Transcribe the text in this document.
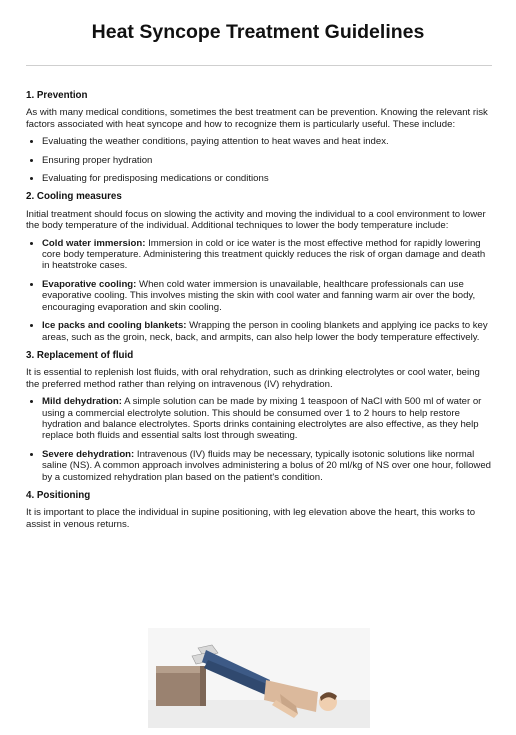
Heat Syncope Treatment Guidelines
1. Prevention

As with many medical conditions, sometimes the best treatment can be prevention. Knowing the relevant risk factors associated with heat syncope and how to recognize them is particularly useful. These include:

• Evaluating the weather conditions, paying attention to heat waves and heat index.
• Ensuring proper hydration
• Evaluating for predisposing medications or conditions
2. Cooling measures

Initial treatment should focus on slowing the activity and moving the individual to a cool environment to lower the body temperature of the individual. Additional techniques to lower the body temperature include:

• Cold water immersion: Immersion in cold or ice water is the most effective method for rapidly lowering core body temperature. Administering this treatment quickly reduces the risk of organ damage and death in heatstroke cases.
• Evaporative cooling: When cold water immersion is unavailable, healthcare professionals can use evaporative cooling. This involves misting the skin with cool water and fanning warm air over the body, encouraging evaporation and skin cooling.
• Ice packs and cooling blankets: Wrapping the person in cooling blankets and applying ice packs to key areas, such as the groin, neck, back, and armpits, can also help lower the body temperature effectively.
3. Replacement of fluid

It is essential to replenish lost fluids, with oral rehydration, such as drinking electrolytes or cool water, being the preferred method rather than relying on intravenous (IV) rehydration.

• Mild dehydration: A simple solution can be made by mixing 1 teaspoon of NaCl with 500 ml of water or using a commercial electrolyte solution. This should be consumed over 1 to 2 hours to help restore hydration and balance electrolytes. Sports drinks containing electrolytes are also effective, as they help replace both fluids and essential salts lost through sweating.
• Severe dehydration: Intravenous (IV) fluids may be necessary, typically isotonic solutions like normal saline (NS). A common approach involves administering a bolus of 20 ml/kg of NS over one hour, followed by a customized rehydration plan based on the patient's condition.
4. Positioning

It is important to place the individual in supine positioning, with leg elevation above the heart, this works to assist in venous returns.
